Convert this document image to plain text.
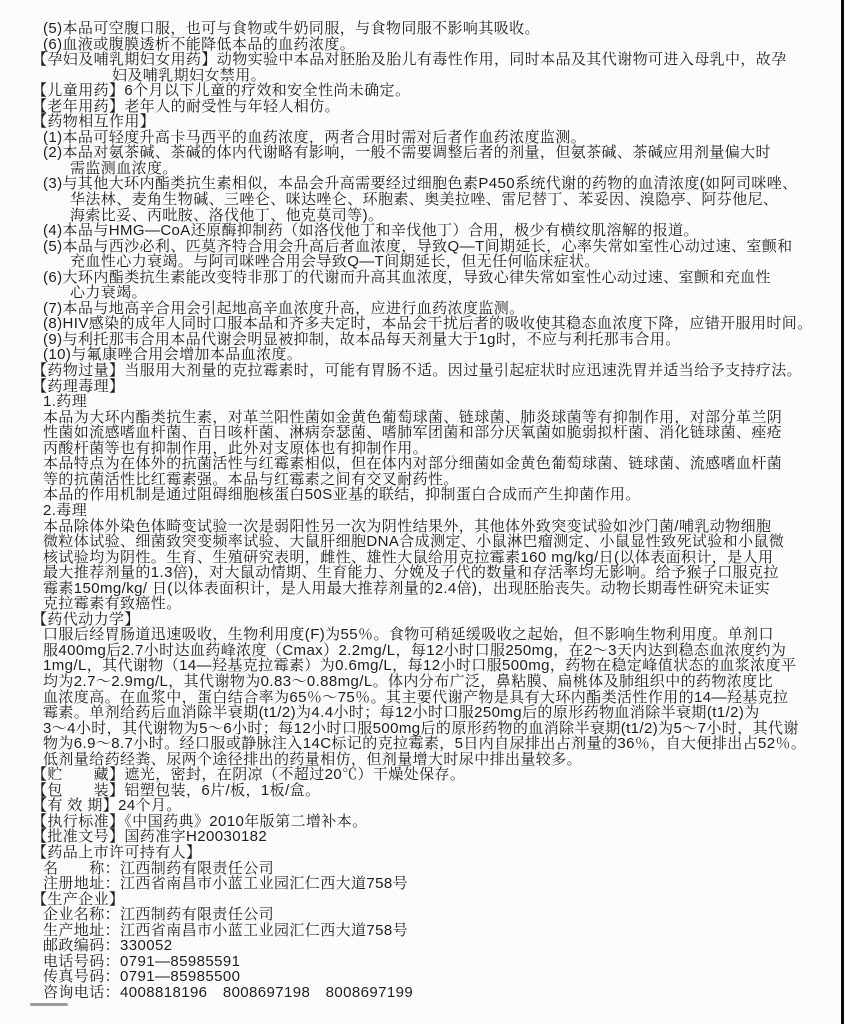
(5)本品可空腹口服，也可与食物或牛奶同服，与食物同服不影响其吸收。
(6)血液或腹膜透析不能降低本品的血药浓度。
【孕妇及哺乳期妇女用药】动物实验中本品对胚胎及胎儿有毒性作用，同时本品及其代谢物可进入母乳中，故孕
妇及哺乳期妇女禁用。
【儿童用药】6个月以下儿童的疗效和安全性尚未确定。
【老年用药】老年人的耐受性与年轻人相仿。
【药物相互作用】
(1)本品可轻度升高卡马西平的血药浓度，两者合用时需对后者作血药浓度监测。
(2)本品对氨茶碱、茶碱的体内代谢略有影响，一般不需要调整后者的剂量，但氨茶碱、茶碱应用剂量偏大时
需监测血浓度。
(3)与其他大环内酯类抗生素相似，本品会升高需要经过细胞色素P450系统代谢的药物的血清浓度(如阿司咪唑、
华法林、麦角生物碱、三唑仑、咪达唑仑、环胞素、奥美拉唑、雷尼替丁、苯妥因、溴隐亭、阿芬他尼、
海索比妥、丙吡胺、洛伐他丁、他克莫司等)。
(4)本品与HMG—CoA还原酶抑制药（如洛伐他丁和辛伐他丁）合用，极少有横纹肌溶解的报道。
(5)本品与西沙必利、匹莫齐特合用会升高后者血浓度，导致Q—T间期延长，心率失常如室性心动过速、室颤和
充血性心力衰竭。与阿司咪唑合用会导致Q—T间期延长，但无任何临床症状。
(6)大环内酯类抗生素能改变特非那丁的代谢而升高其血浓度，导致心律失常如室性心动过速、室颤和充血性
心力衰竭。
(7)本品与地高辛合用会引起地高辛血浓度升高，应进行血药浓度监测。
(8)HIV感染的成年人同时口服本品和齐多夫定时，本品会干扰后者的吸收使其稳态血浓度下降，应错开服用时间。
(9)与利托那韦合用本品代谢会明显被抑制，故本品每天剂量大于1g时，不应与利托那韦合用。
(10)与氟康唑合用会增加本品血浓度。
【药物过量】当服用大剂量的克拉霉素时，可能有胃肠不适。因过量引起症状时应迅速洗胃并适当给予支持疗法。
【药理毒理】
1.药理
本品为大环内酯类抗生素，对革兰阳性菌如金黄色葡萄球菌、链球菌、肺炎球菌等有抑制作用，对部分革兰阴
性菌如流感嗜血杆菌、百日咳杆菌、淋病奈瑟菌、嗜肺军团菌和部分厌氧菌如脆弱拟杆菌、消化链球菌、痤疮
丙酸杆菌等也有抑制作用，此外对支原体也有抑制作用。
本品特点为在体外的抗菌活性与红霉素相似，但在体内对部分细菌如金黄色葡萄球菌、链球菌、流感嗜血杆菌
等的抗菌活性比红霉素强。本品与红霉素之间有交叉耐药性。
本品的作用机制是通过阻碍细胞核蛋白50S亚基的联结，抑制蛋白合成而产生抑菌作用。
2.毒理
本品除体外染色体畸变试验一次是弱阳性另一次为阴性结果外，其他体外致突变试验如沙门菌/哺乳动物细胞
微粒体试验、细菌致突变频率试验、大鼠肝细胞DNA合成测定、小鼠淋巴瘤测定、小鼠显性致死试验和小鼠微
核试验均为阴性。生育、生殖研究表明，雌性、雄性大鼠给用克拉霉素160 mg/kg/日(以体表面积计，是人用
最大推荐剂量的1.3倍)，对大鼠动情期、生育能力、分娩及子代的数量和存活率均无影响。给予猴子口服克拉
霉素150mg/kg/ 日(以体表面积计，是人用最大推荐剂量的2.4倍)，出现胚胎丧失。动物长期毒性研究未证实
克拉霉素有致癌性。
【药代动力学】
口服后经胃肠道迅速吸收，生物利用度(F)为55％。食物可稍延缓吸收之起始，但不影响生物利用度。单剂口
服400mg后2.7小时达血药峰浓度（Cmax）2.2mg/L，每12小时口服250mg，在2～3天内达到稳态血浓度约为
1mg/L，其代谢物（14—羟基克拉霉素）为0.6mg/L，每12小时口服500mg，药物在稳定峰值状态的血浆浓度平
均为2.7～2.9mg/L，其代谢物为0.83～0.88mg/L。体内分布广泛，鼻粘膜、扁桃体及肺组织中的药物浓度比
血浓度高。在血浆中，蛋白结合率为65％～75％。其主要代谢产物是具有大环内酯类活性作用的14—羟基克拉
霉素。单剂给药后血消除半衰期(t1/2)为4.4小时；每12小时口服250mg后的原形药物血消除半衰期(t1/2)为
3～4小时，其代谢物为5～6小时；每12小时口服500mg后的原形药物的血消除半衰期(t1/2)为5～7小时，其代谢
物为6.9～8.7小时。经口服或静脉注入14C标记的克拉霉素，5日内自尿排出占剂量的36％，自大便排出占52％。
低剂量给药经粪、尿两个途径排出的药量相仿，但剂量增大时尿中排出量较多。
【贮　　藏】遮光，密封，在阴凉（不超过20℃）干燥处保存。
【包　　装】铝塑包装，6片/板，1板/盒。
【有 效 期】24个月。
【执行标准】《中国药典》2010年版第二增补本。
【批准文号】国药准字H20030182
【药品上市许可持有人】
名　　称：江西制药有限责任公司
注册地址：江西省南昌市小蓝工业园汇仁西大道758号
【生产企业】
企业名称：江西制药有限责任公司
生产地址：江西省南昌市小蓝工业园汇仁西大道758号
邮政编码：330052
电话号码：0791—85985591
传真号码：0791—85985500
咨询电话：4008818196　8008697198　8008697199
